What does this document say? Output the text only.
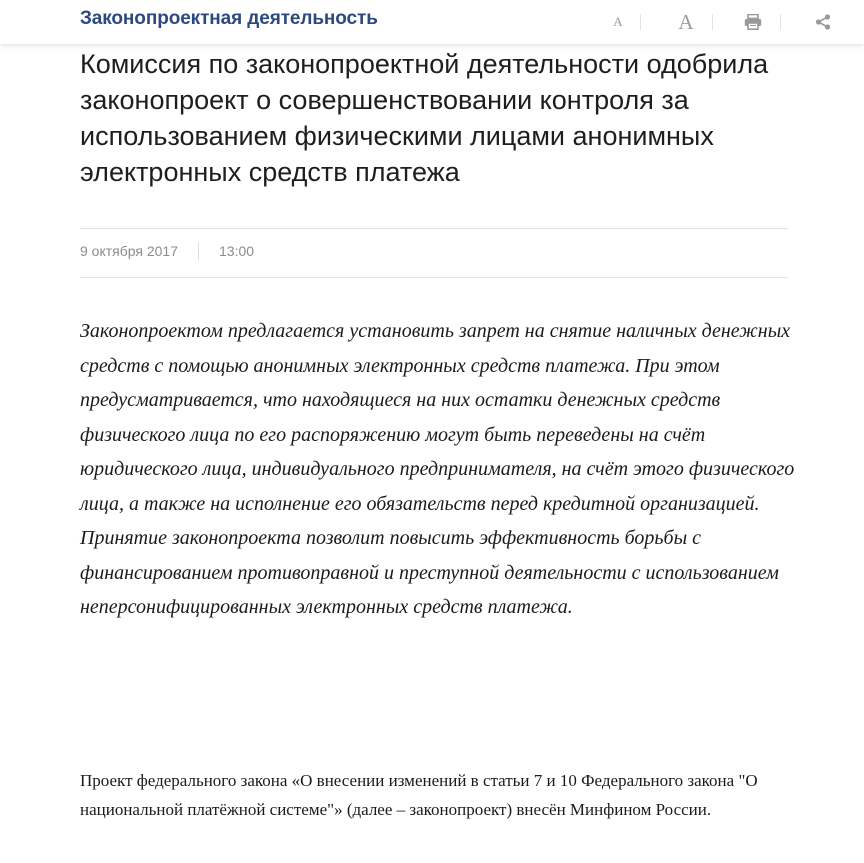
Законопроектная деятельность	A	A
Комиссия по законопроектной деятельности одобрила законопроект о совершенствовании контроля за использованием физическими лицами анонимных электронных средств платежа
9 октября 2017	13:00

Законопроектом предлагается установить запрет на снятие наличных денежных средств с помощью анонимных электронных средств платежа. При этом предусматривается, что находящиеся на них остатки денежных средств физического лица по его распоряжению могут быть переведены на счёт юридического лица, индивидуального предпринимателя, на счёт этого физического лица, а также на исполнение его обязательств перед кредитной организацией. Принятие законопроекта позволит повысить эффективность борьбы с финансированием противоправной и преступной деятельности с использованием неперсонифицированных электронных средств платежа.

Проект федерального закона «О внесении изменений в статьи 7 и 10 Федерального закона "О национальной платёжной системе"» (далее – законопроект) внесён Минфином России.
